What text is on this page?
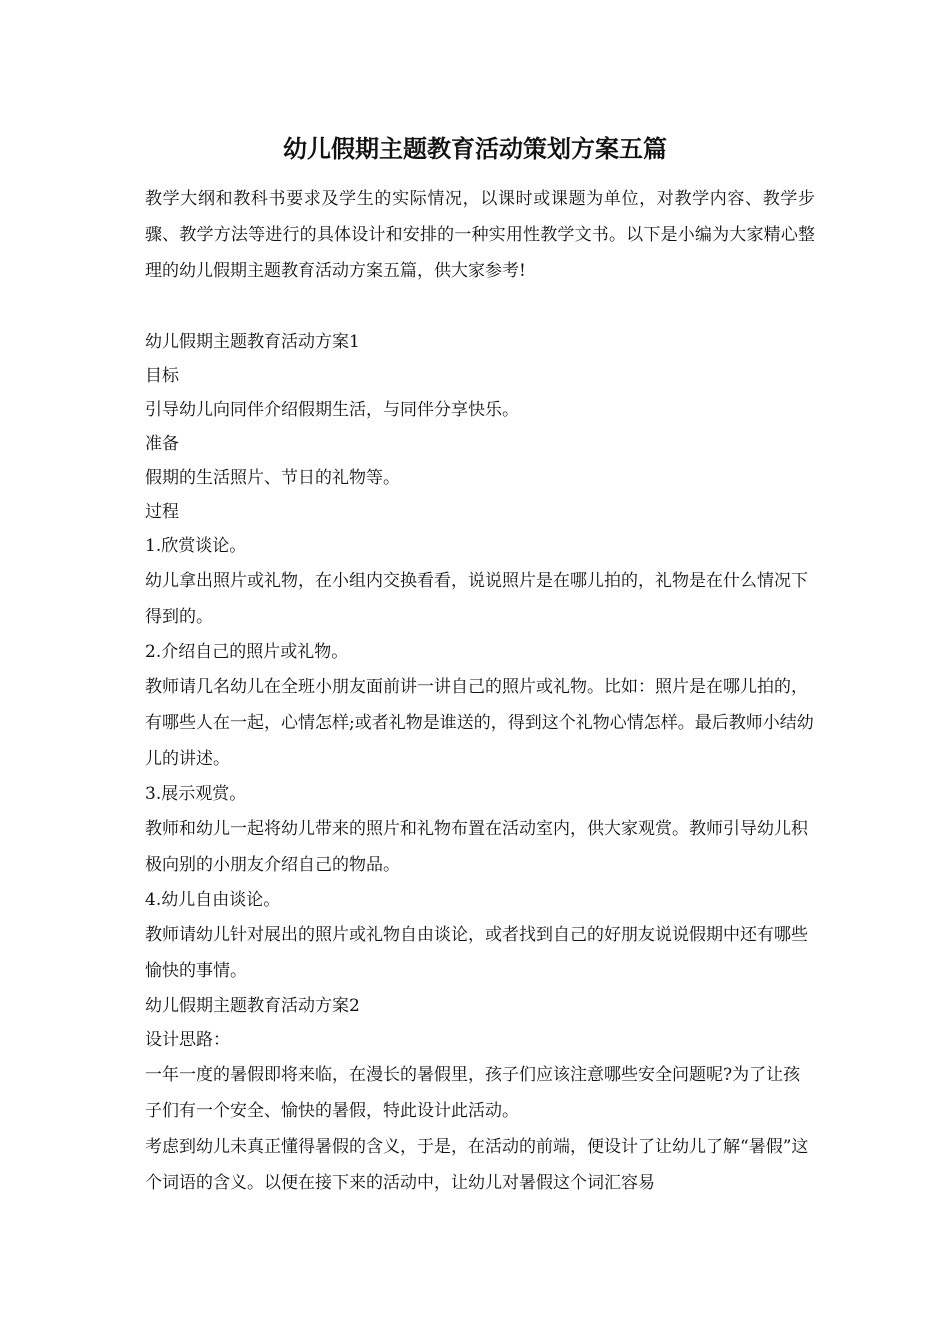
幼儿假期主题教育活动策划方案五篇

教学大纲和教科书要求及学生的实际情况，以课时或课题为单位，对教学内容、教学步骤、教学方法等进行的具体设计和安排的一种实用性教学文书。以下是小编为大家精心整理的幼儿假期主题教育活动方案五篇，供大家参考!

幼儿假期主题教育活动方案1

目标

引导幼儿向同伴介绍假期生活，与同伴分享快乐。

准备

假期的生活照片、节日的礼物等。

过程

1.欣赏谈论。

幼儿拿出照片或礼物，在小组内交换看看，说说照片是在哪儿拍的，礼物是在什么情况下得到的。

2.介绍自己的照片或礼物。

教师请几名幼儿在全班小朋友面前讲一讲自己的照片或礼物。比如：照片是在哪儿拍的，有哪些人在一起，心情怎样;或者礼物是谁送的，得到这个礼物心情怎样。最后教师小结幼儿的讲述。

3.展示观赏。

教师和幼儿一起将幼儿带来的照片和礼物布置在活动室内，供大家观赏。教师引导幼儿积极向别的小朋友介绍自己的物品。

4.幼儿自由谈论。

教师请幼儿针对展出的照片或礼物自由谈论，或者找到自己的好朋友说说假期中还有哪些愉快的事情。

幼儿假期主题教育活动方案2

设计思路：

一年一度的暑假即将来临，在漫长的暑假里，孩子们应该注意哪些安全问题呢?为了让孩子们有一个安全、愉快的暑假，特此设计此活动。

考虑到幼儿未真正懂得暑假的含义，于是，在活动的前端，便设计了让幼儿了解“暑假”这个词语的含义。以便在接下来的活动中，让幼儿对暑假这个词汇容易
